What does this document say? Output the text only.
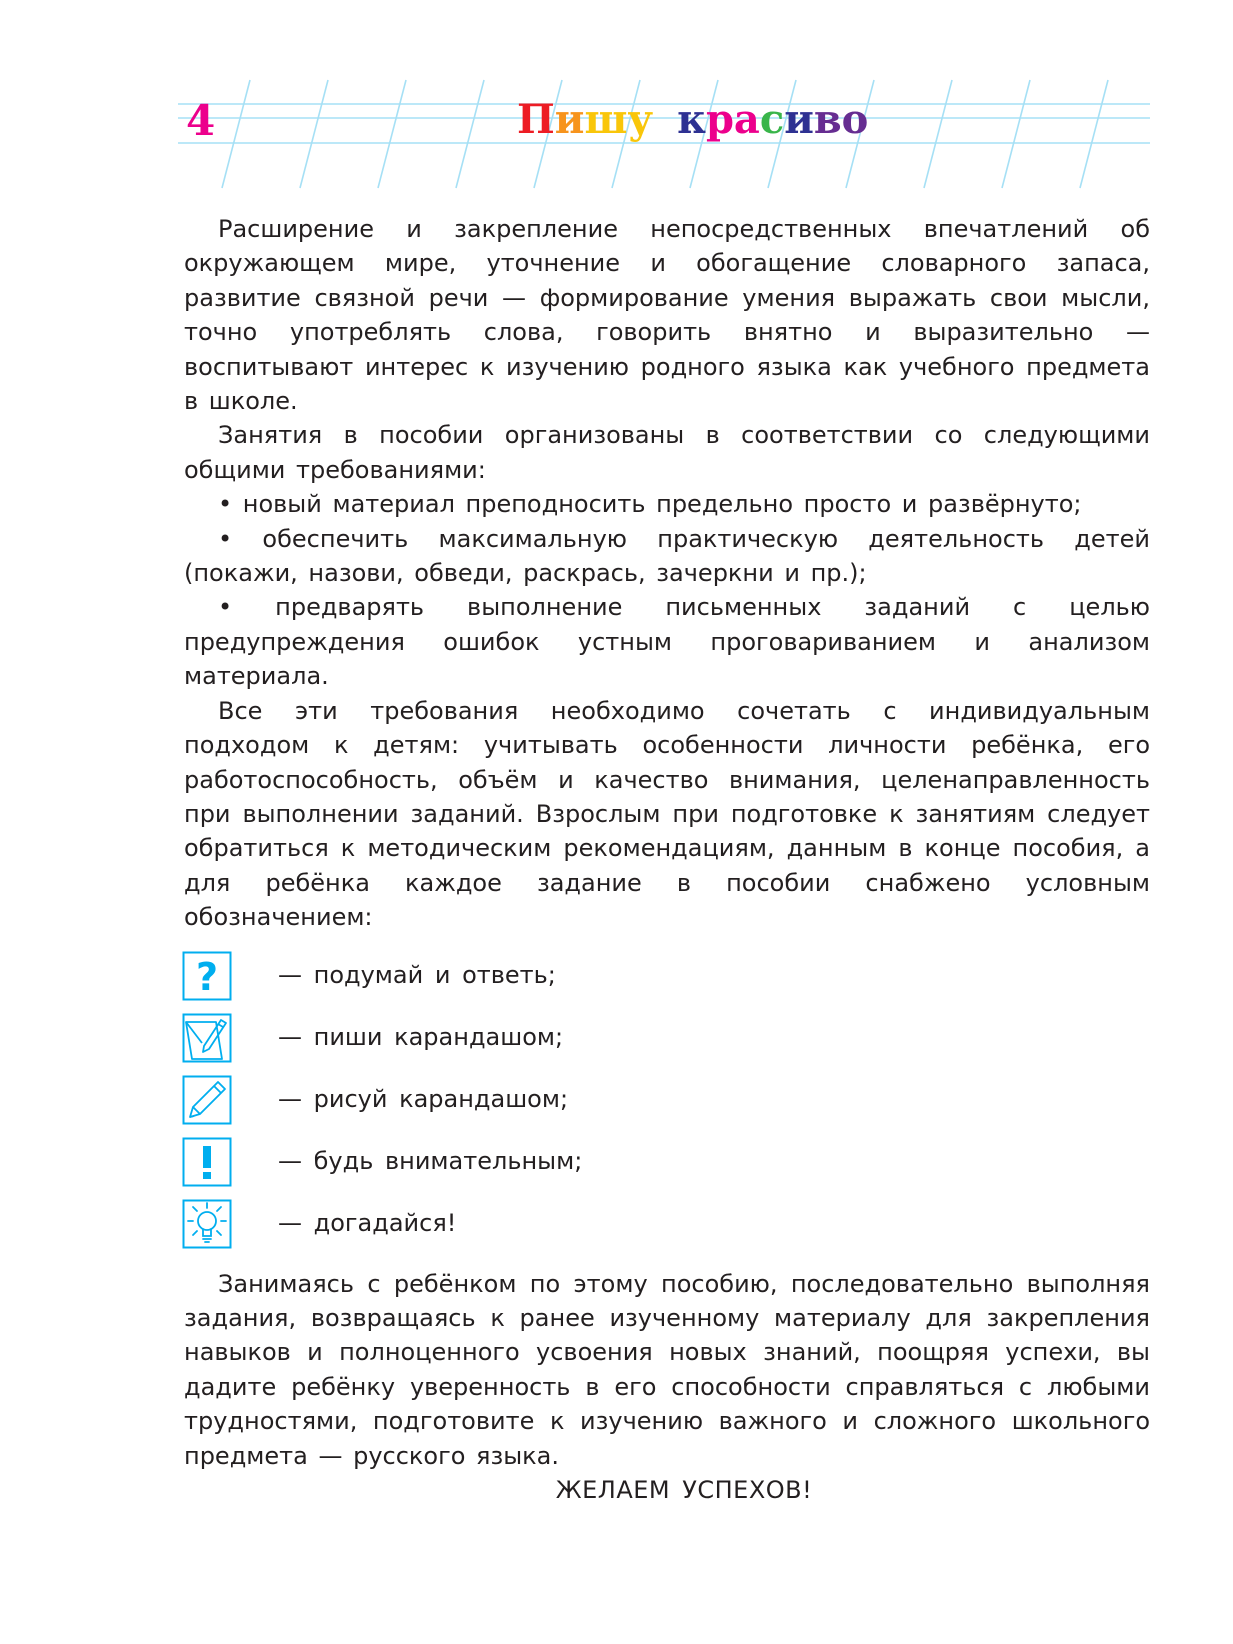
4	Пишу красиво

Расширение и закрепление непосредственных впечатлений об окружающем мире, уточнение и обогащение словарного запаса, развитие связной речи — формирование умения выражать свои мысли, точно употреблять слова, говорить внятно и выразительно — воспитывают интерес к изучению родного языка как учебного предмета в школе.

Занятия в пособии организованы в соответствии со следующими общими требованиями:

• новый материал преподносить предельно просто и развёрнуто;

• обеспечить максимальную практическую деятельность детей (покажи, назови, обведи, раскрась, зачеркни и пр.);

• предварять выполнение письменных заданий с целью предупреждения ошибок устным проговариванием и анализом материала.

Все эти требования необходимо сочетать с индивидуальным подходом к детям: учитывать особенности личности ребёнка, его работоспособность, объём и качество внимания, целенаправленность при выполнении заданий. Взрослым при подготовке к занятиям следует обратиться к методическим рекомендациям, данным в конце пособия, а для ребёнка каждое задание в пособии снабжено условным обозначением:

? — подумай и ответь;
— пиши карандашом;
— рисуй карандашом;
— будь внимательным;
— догадайся!

Занимаясь с ребёнком по этому пособию, последовательно выполняя задания, возвращаясь к ранее изученному материалу для закрепления навыков и полноценного усвоения новых знаний, поощряя успехи, вы дадите ребёнку уверенность в его способности справляться с любыми трудностями, подготовите к изучению важного и сложного школьного предмета — русского языка.

ЖЕЛАЕМ УСПЕХОВ!
